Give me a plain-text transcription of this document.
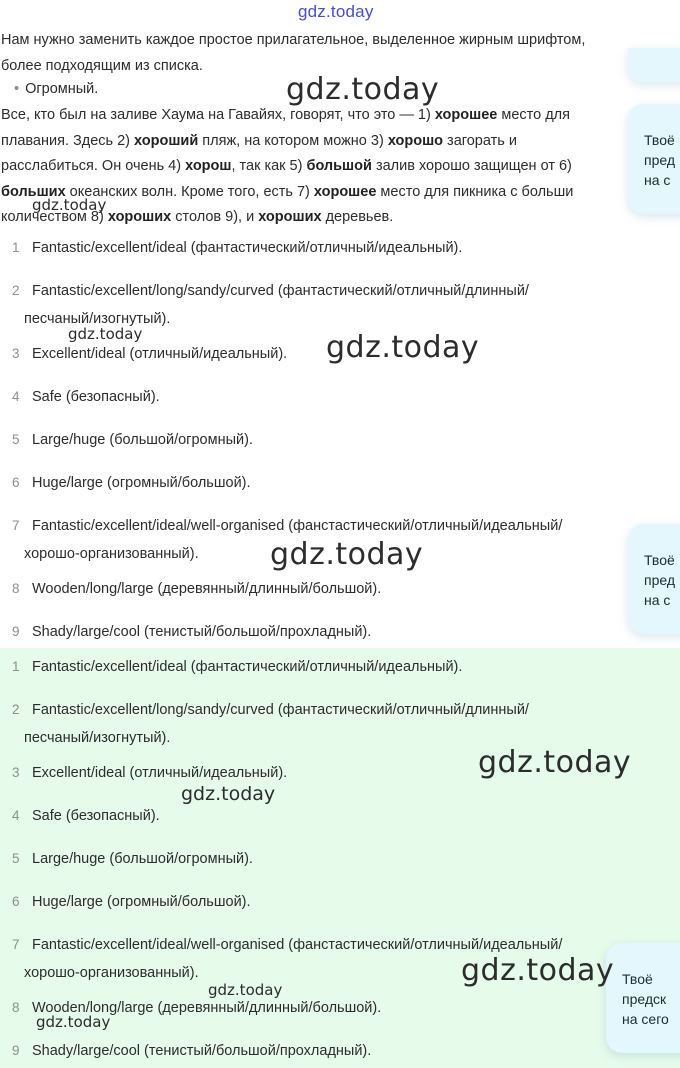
gdz.today
Нам нужно заменить каждое простое прилагательное, выделенное жирным шрифтом,
более подходящим из списка.
• Огромный.
Все, кто был на заливе Хаума на Гавайях, говорят, что это — 1) хорошее место для
плавания. Здесь 2) хороший пляж, на котором можно 3) хорошо загорать и
расслабиться. Он очень 4) хорош, так как 5) большой залив хорошо защищен от 6)
больших океанских волн. Кроме того, есть 7) хорошее место для пикника с больши
количеством 8) хороших столов 9), и хороших деревьев.
1 Fantastic/excellent/ideal (фантастический/отличный/идеальный).
2 Fantastic/excellent/long/sandy/curved (фантастический/отличный/длинный/
песчаный/изогнутый).
3 Excellent/ideal (отличный/идеальный).
4 Safe (безопасный).
5 Large/huge (большой/огромный).
6 Huge/large (огромный/большой).
7 Fantastic/excellent/ideal/well-organised (фанстастический/отличный/идеальный/
хорошо-организованный).
8 Wooden/long/large (деревянный/длинный/большой).
9 Shady/large/cool (тенистый/большой/прохладный).
1 Fantastic/excellent/ideal (фантастический/отличный/идеальный).
2 Fantastic/excellent/long/sandy/curved (фантастический/отличный/длинный/
песчаный/изогнутый).
3 Excellent/ideal (отличный/идеальный).
4 Safe (безопасный).
5 Large/huge (большой/огромный).
6 Huge/large (огромный/большой).
7 Fantastic/excellent/ideal/well-organised (фанстастический/отличный/идеальный/
хорошо-организованный).
8 Wooden/long/large (деревянный/длинный/большой).
9 Shady/large/cool (тенистый/большой/прохладный).
Твоё
пред
на с
Твоё
пред
на с
Твоё
предск
на сего
gdz.today
gdz.today
gdz.today	gdz.today
gdz.today
gdz.today
gdz.today
gdz.today
gdz.today
gdz.today
